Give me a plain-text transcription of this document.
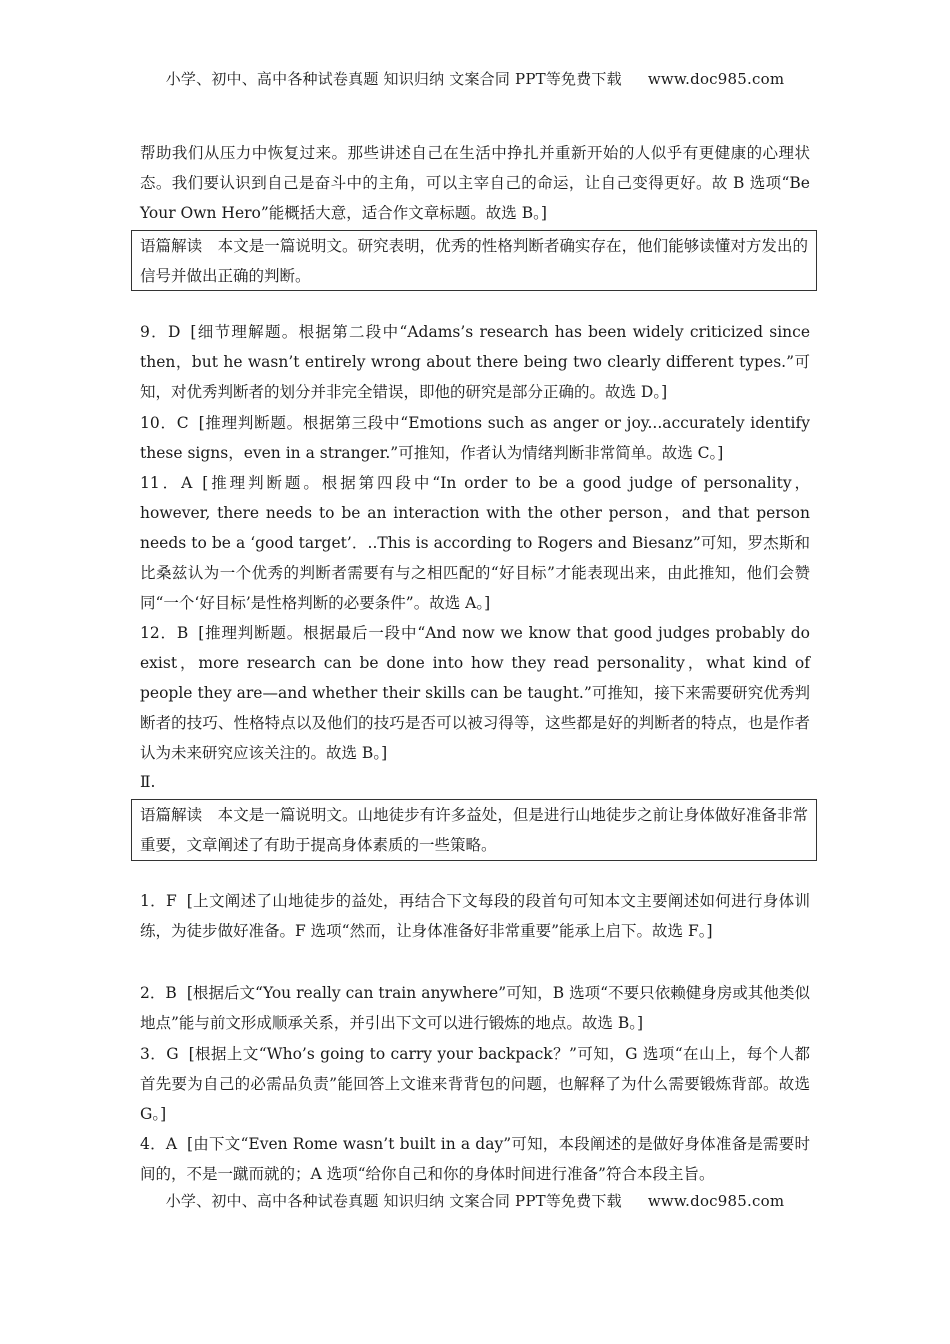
小学、初中、高中各种试卷真题 知识归纳 文案合同 PPT等免费下载 www.doc985.com
帮助我们从压力中恢复过来。那些讲述自己在生活中挣扎并重新开始的人似乎有更健康的心理状态。我们要认识到自己是奋斗中的主角，可以主宰自己的命运，让自己变得更好。故 B 选项“Be Your Own Hero”能概括大意，适合作文章标题。故选 B。]
语篇解读　本文是一篇说明文。研究表明，优秀的性格判断者确实存在，他们能够读懂对方发出的信号并做出正确的判断。
9．D [细节理解题。根据第二段中“Adams’s research has been widely criticized since then，but he wasn’t entirely wrong about there being two clearly different types.”可知，对优秀判断者的划分并非完全错误，即他的研究是部分正确的。故选 D。]
10．C [推理判断题。根据第三段中“Emotions such as anger or joy...accurately identify these signs，even in a stranger.”可推知，作者认为情绪判断非常简单。故选 C。]
11．A [推理判断题。根据第四段中“In order to be a good judge of personality，however, there needs to be an interaction with the other person，and that person needs to be a ‘good target’．..This is according to Rogers and Biesanz”可知，罗杰斯和比桑兹认为一个优秀的判断者需要有与之相匹配的“好目标”才能表现出来，由此推知，他们会赞同“一个‘好目标’是性格判断的必要条件”。故选 A。]
12．B [推理判断题。根据最后一段中“And now we know that good judges probably do exist，more research can be done into how they read personality，what kind of people they are—and whether their skills can be taught.”可推知，接下来需要研究优秀判断者的技巧、性格特点以及他们的技巧是否可以被习得等，这些都是好的判断者的特点，也是作者认为未来研究应该关注的。故选 B。]
Ⅱ.
语篇解读　本文是一篇说明文。山地徒步有许多益处，但是进行山地徒步之前让身体做好准备非常重要，文章阐述了有助于提高身体素质的一些策略。
1．F [上文阐述了山地徒步的益处，再结合下文每段的段首句可知本文主要阐述如何进行身体训练，为徒步做好准备。F 选项“然而，让身体准备好非常重要”能承上启下。故选 F。]
2．B [根据后文“You really can train anywhere”可知，B 选项“不要只依赖健身房或其他类似地点”能与前文形成顺承关系，并引出下文可以进行锻炼的地点。故选 B。]
3．G [根据上文“Who’s going to carry your backpack？”可知，G 选项“在山上，每个人都首先要为自己的必需品负责”能回答上文谁来背背包的问题，也解释了为什么需要锻炼背部。故选 G。]
4．A [由下文“Even Rome wasn’t built in a day”可知，本段阐述的是做好身体准备是需要时间的，不是一蹴而就的；A 选项“给你自己和你的身体时间进行准备”符合本段主旨。
小学、初中、高中各种试卷真题 知识归纳 文案合同 PPT等免费下载 www.doc985.com
